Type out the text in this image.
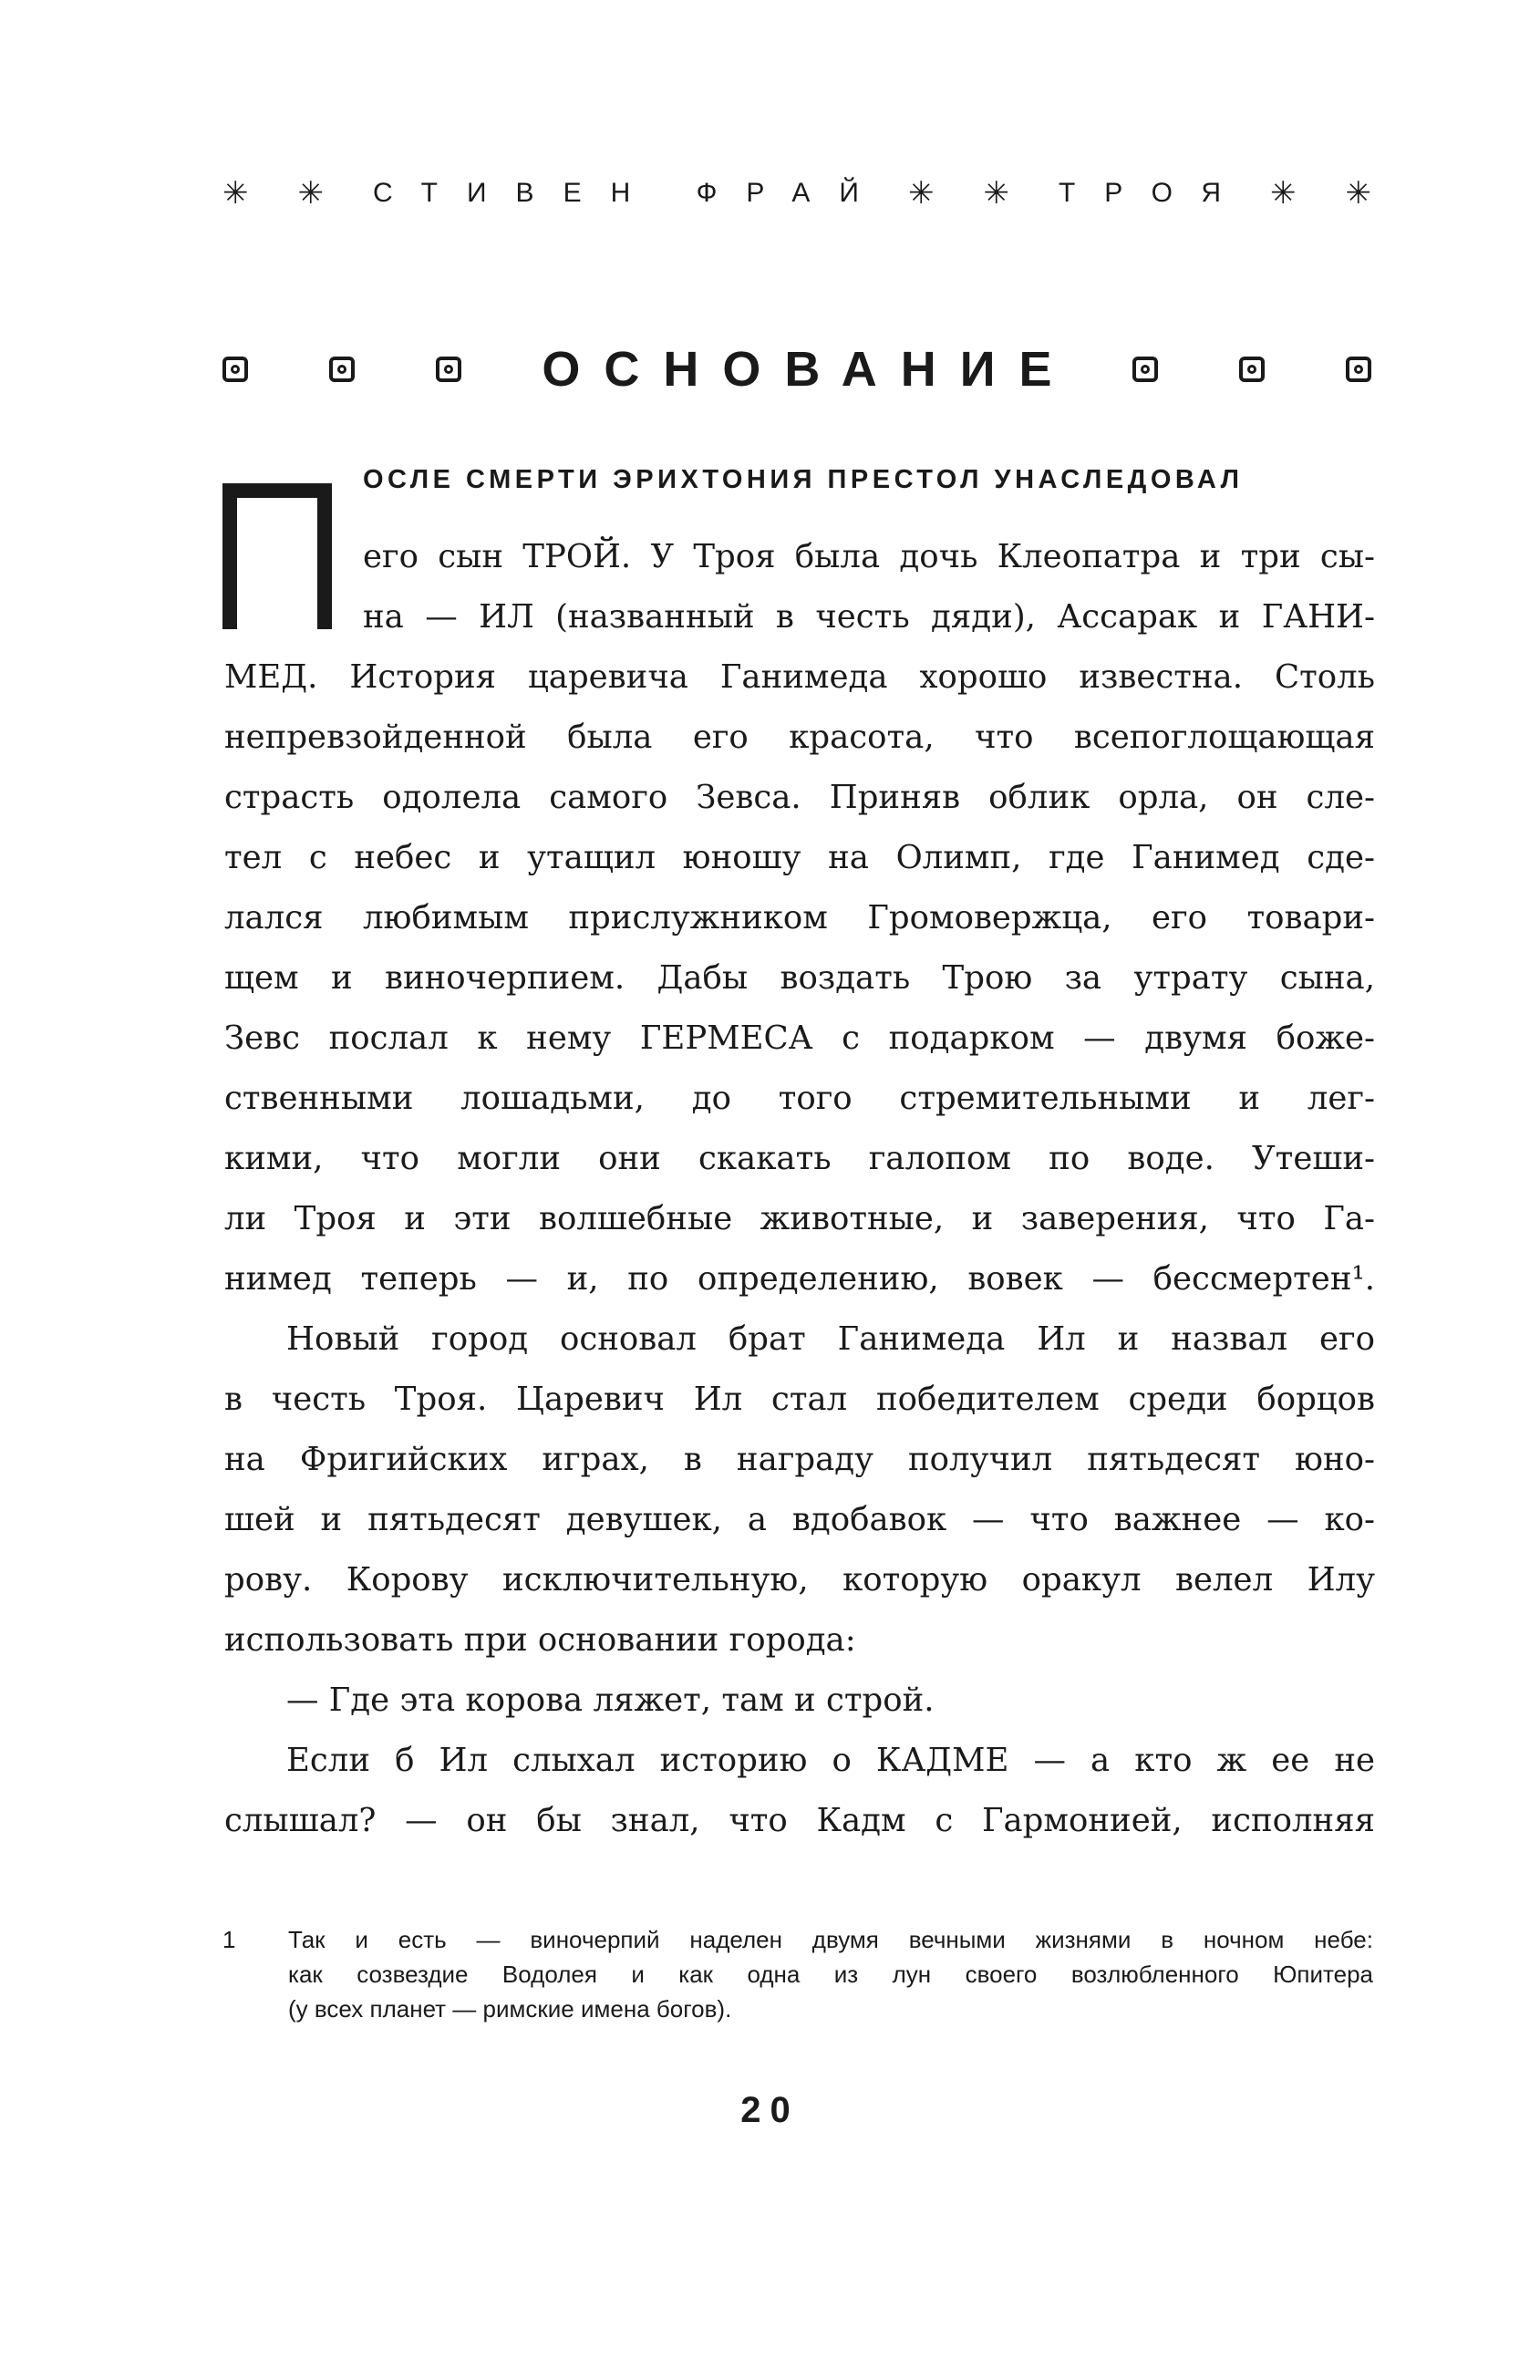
✳ ✳ СТИВЕН ФРАЙ ✳ ✳ ТРОЯ ✳ ✳
ОСНОВАНИЕ
ОСЛЕ СМЕРТИ ЭРИХТОНИЯ ПРЕСТОЛ УНАСЛЕДОВАЛ
его сын ТРОЙ. У Троя была дочь Клеопатра и три сы-
на — ИЛ (названный в честь дяди), Ассарак и ГАНИ-
МЕД. История царевича Ганимеда хорошо известна. Столь
непревзойденной была его красота, что всепоглощающая
страсть одолела самого Зевса. Приняв облик орла, он сле-
тел с небес и утащил юношу на Олимп, где Ганимед сде-
лался любимым прислужником Громовержца, его товари-
щем и виночерпием. Дабы воздать Трою за утрату сына,
Зевс послал к нему ГЕРМЕСА с подарком — двумя боже-
ственными лошадьми, до того стремительными и лег-
кими, что могли они скакать галопом по воде. Утеши-
ли Троя и эти волшебные животные, и заверения, что Га-
нимед теперь — и, по определению, вовек — бессмертен¹.
Новый город основал брат Ганимеда Ил и назвал его
в честь Троя. Царевич Ил стал победителем среди борцов
на Фригийских играх, в награду получил пятьдесят юно-
шей и пятьдесят девушек, а вдобавок — что важнее — ко-
рову. Корову исключительную, которую оракул велел Илу
использовать при основании города:
— Где эта корова ляжет, там и строй.
Если б Ил слыхал историю о КАДМЕ — а кто ж ее не
слышал? — он бы знал, что Кадм с Гармонией, исполняя
1 Так и есть — виночерпий наделен двумя вечными жизнями в ночном небе:
как созвездие Водолея и как одна из лун своего возлюбленного Юпитера
(у всех планет — римские имена богов).
20
